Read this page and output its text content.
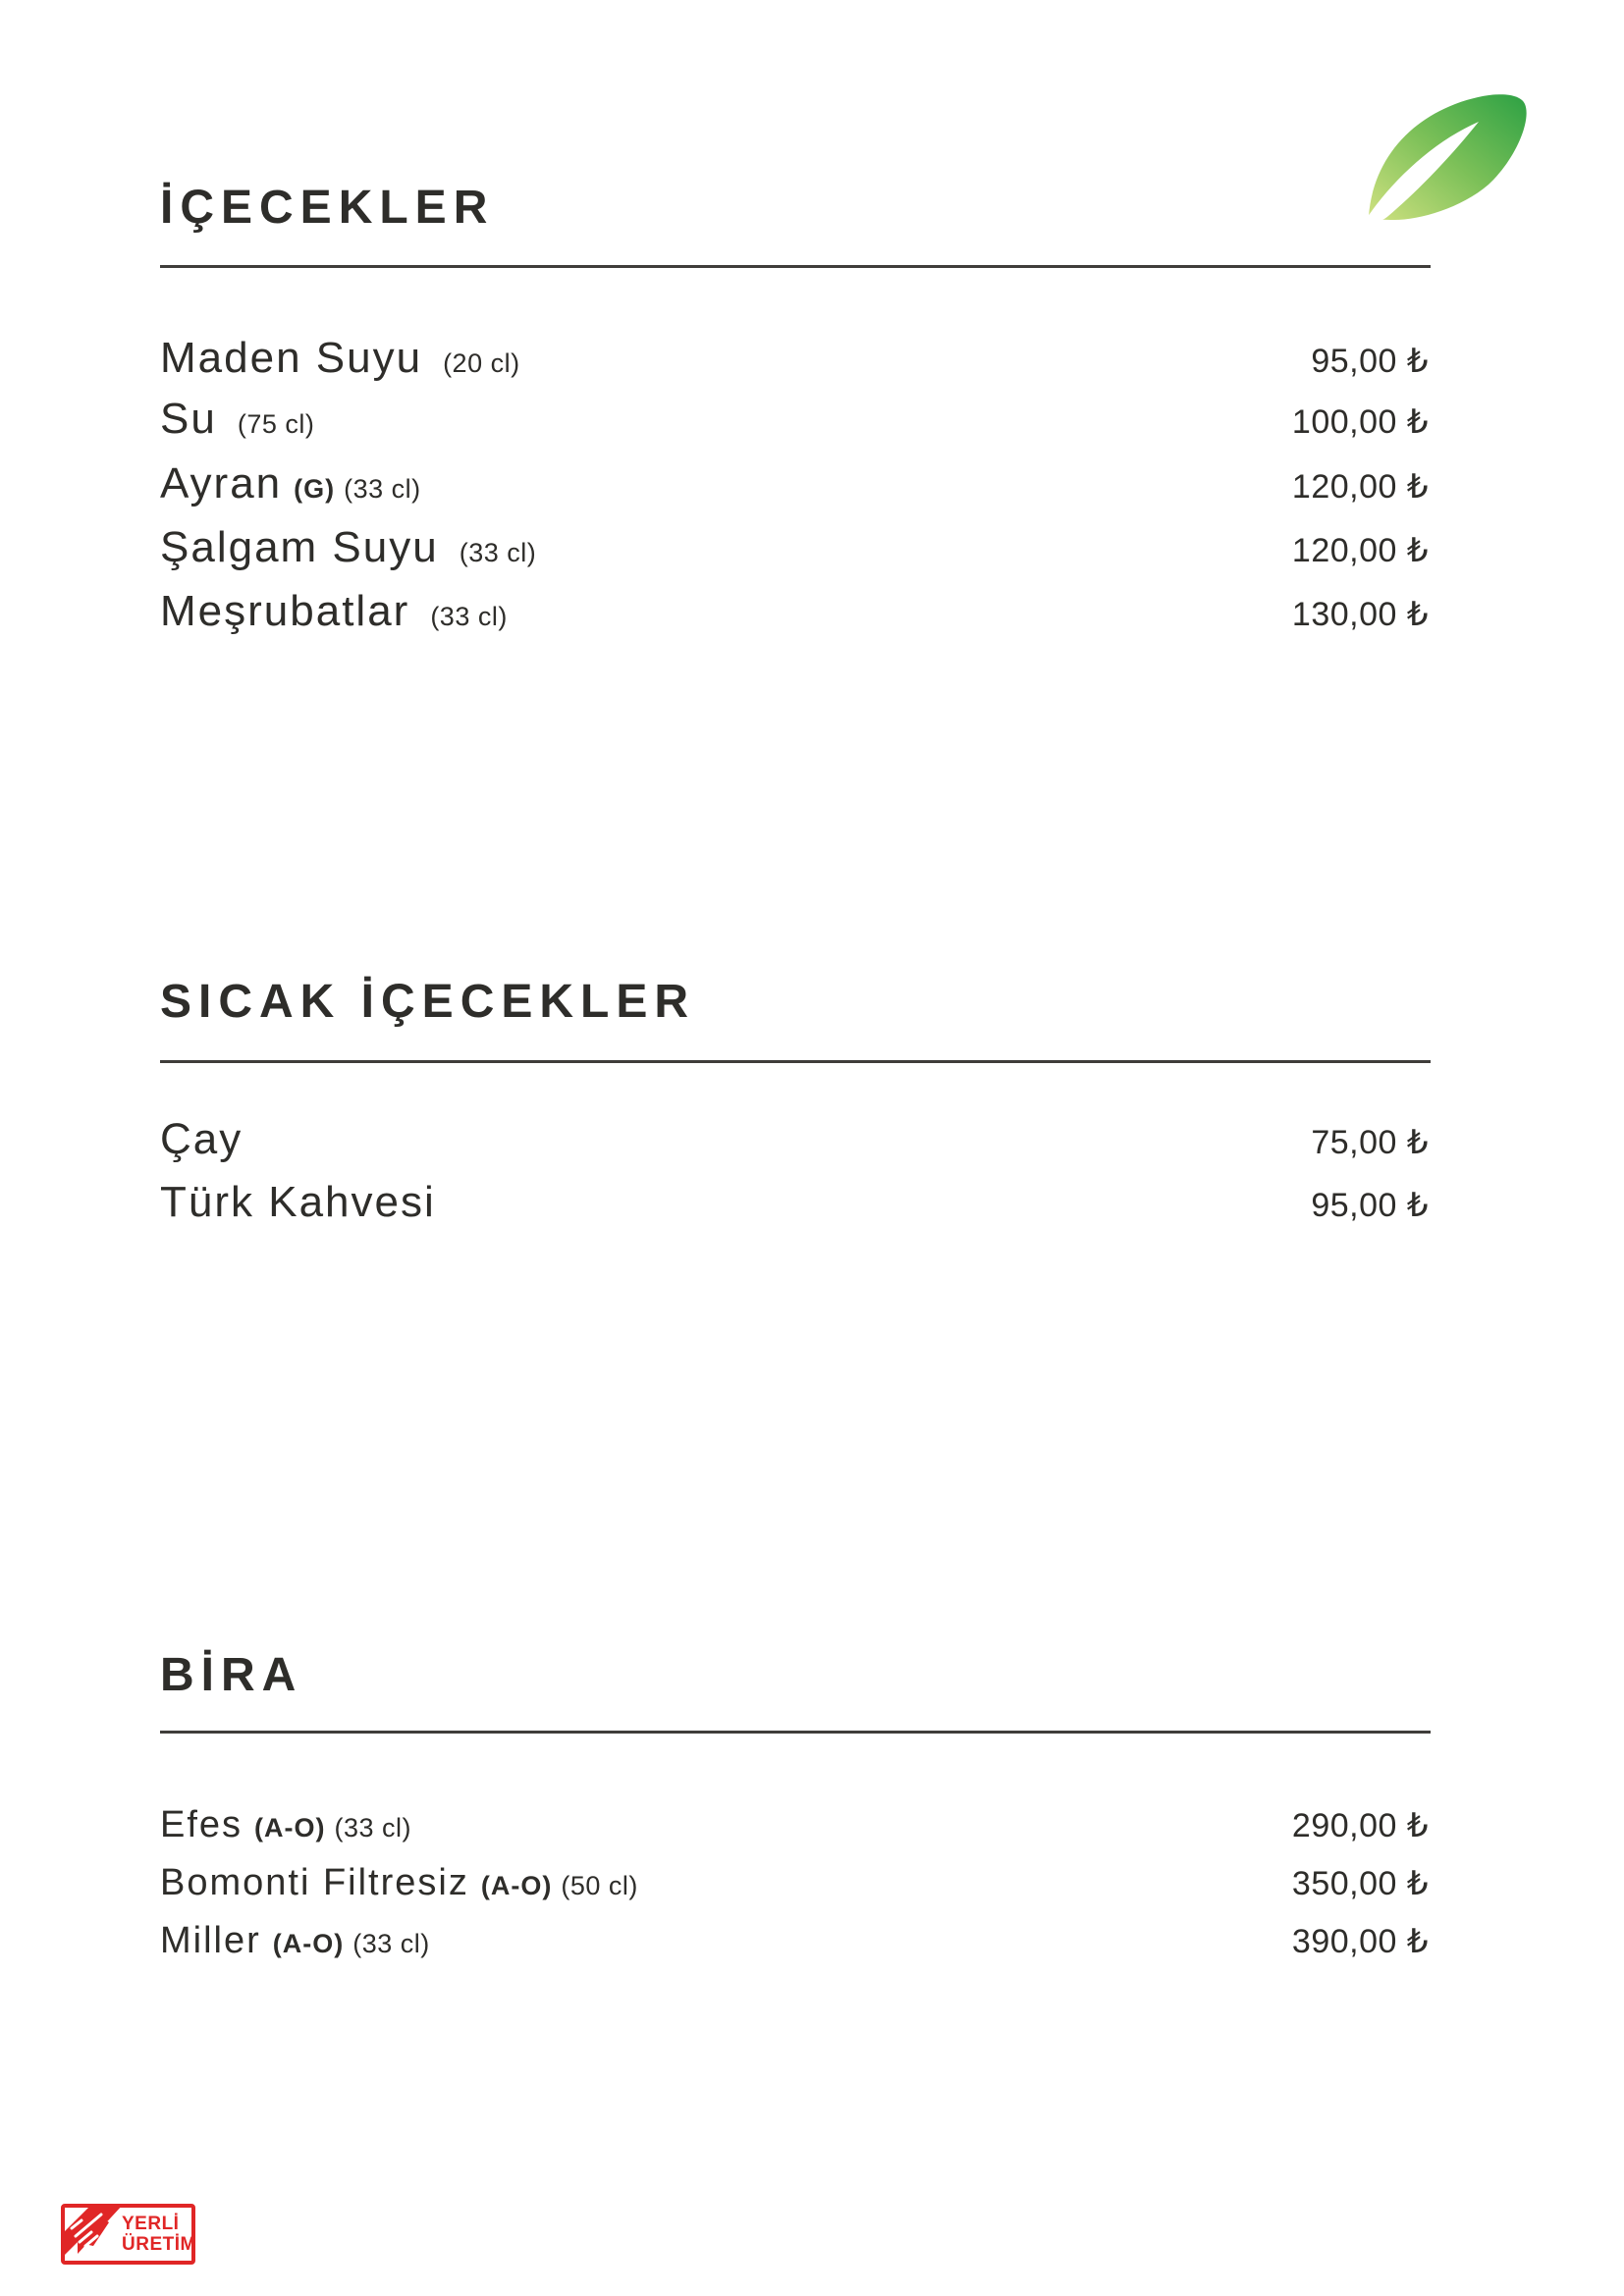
İÇECEKLER
Maden Suyu (20 cl)	95,00 ₺
Su (75 cl)	100,00 ₺
Ayran (G) (33 cl)	120,00 ₺
Şalgam Suyu (33 cl)	120,00 ₺
Meşrubatlar (33 cl)	130,00 ₺
SICAK İÇECEKLER
Çay	75,00 ₺
Türk Kahvesi	95,00 ₺
BİRA
Efes (A-O) (33 cl)	290,00 ₺
Bomonti Filtresiz (A-O) (50 cl)	350,00 ₺
Miller (A-O) (33 cl)	390,00 ₺
YERLİ
ÜRETİM
